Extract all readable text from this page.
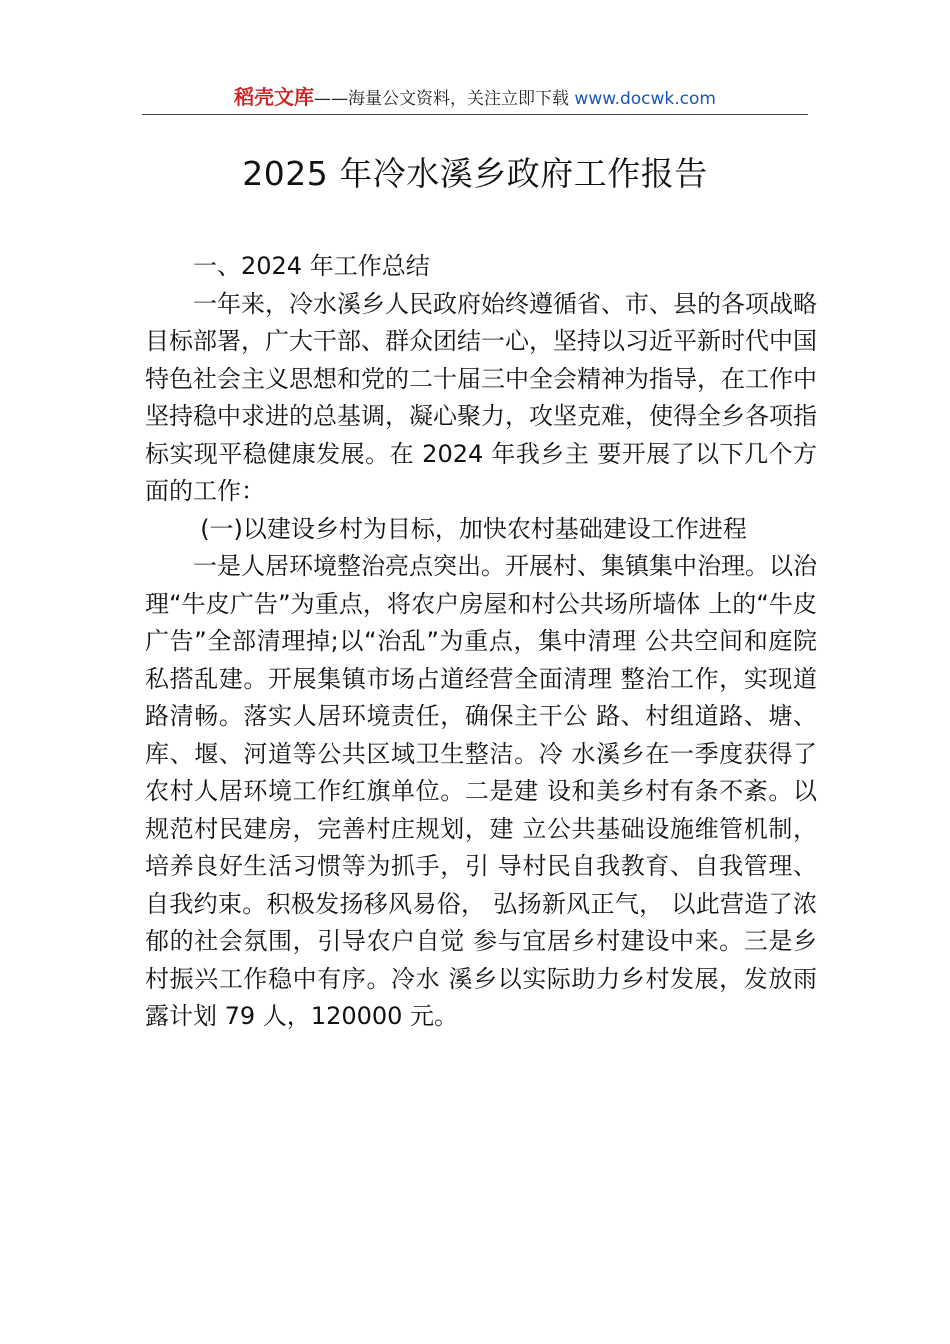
稻壳文库——海量公文资料，关注立即下载 www.docwk.com
2025 年冷水溪乡政府工作报告

一、2024 年工作总结

一年来，冷水溪乡人民政府始终遵循省、市、县的各项战略目标部署，广大干部、群众团结一心，坚持以习近平新时代中国特色社会主义思想和党的二十届三中全会精神为指导，在工作中坚持稳中求进的总基调，凝心聚力，攻坚克难，使得全乡各项指标实现平稳健康发展。在 2024 年我乡主 要开展了以下几个方面的工作：

(一)以建设乡村为目标，加快农村基础建设工作进程

一是人居环境整治亮点突出。开展村、集镇集中治理。以治理“牛皮广告”为重点，将农户房屋和村公共场所墙体 上的“牛皮广告”全部清理掉;以“治乱”为重点，集中清理 公共空间和庭院私搭乱建。开展集镇市场占道经营全面清理 整治工作，实现道路清畅。落实人居环境责任，确保主干公 路、村组道路、塘、库、堰、河道等公共区域卫生整洁。冷 水溪乡在一季度获得了农村人居环境工作红旗单位。二是建 设和美乡村有条不紊。以规范村民建房，完善村庄规划，建 立公共基础设施维管机制，培养良好生活习惯等为抓手，引 导村民自我教育、自我管理、自我约束。积极发扬移风易俗， 弘扬新风正气， 以此营造了浓郁的社会氛围，引导农户自觉 参与宜居乡村建设中来。三是乡村振兴工作稳中有序。冷水 溪乡以实际助力乡村发展，发放雨露计划 79 人，120000 元。
